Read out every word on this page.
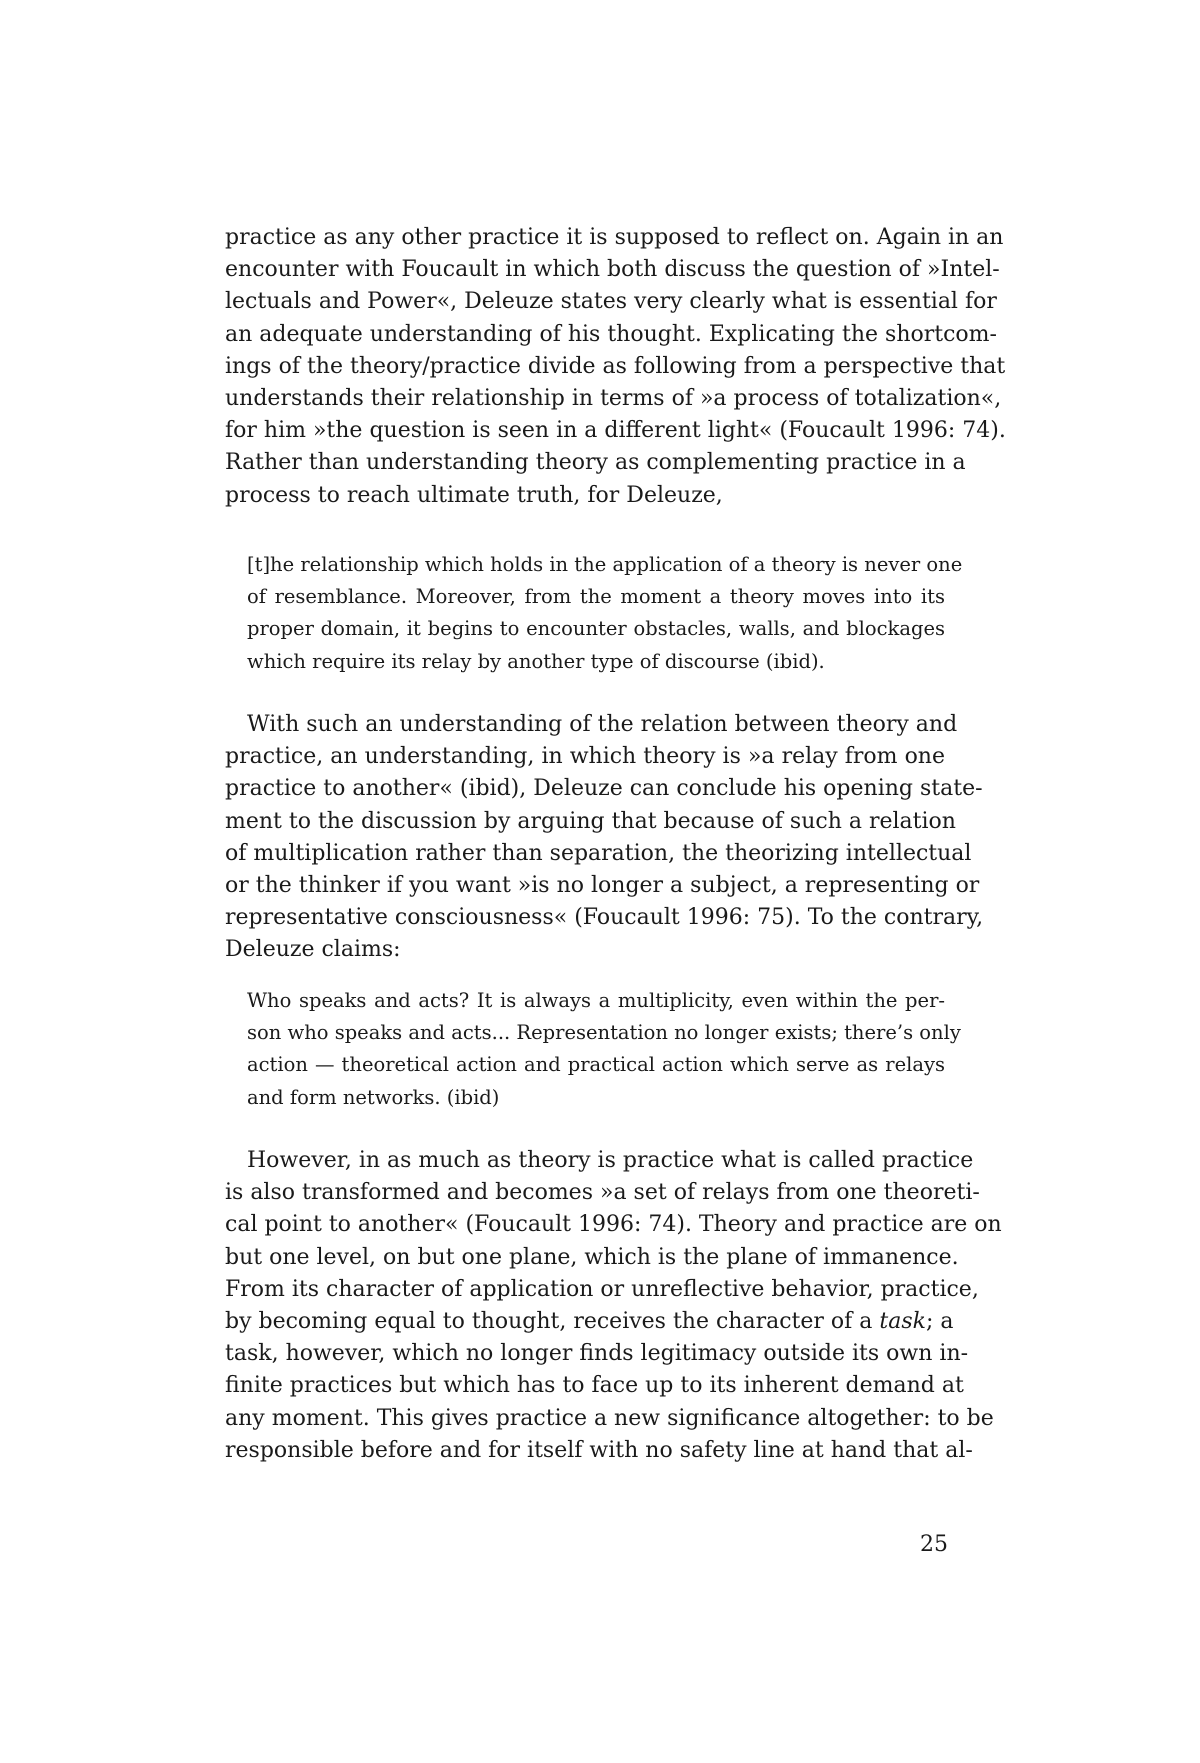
practice as any other practice it is supposed to reflect on. Again in an
encounter with Foucault in which both discuss the question of »Intel-
lectuals and Power«, Deleuze states very clearly what is essential for
an adequate understanding of his thought. Explicating the shortcom-
ings of the theory/practice divide as following from a perspective that
understands their relationship in terms of »a process of totalization«,
for him »the question is seen in a different light« (Foucault 1996: 74).
Rather than understanding theory as complementing practice in a
process to reach ultimate truth, for Deleuze,
[t]he relationship which holds in the application of a theory is never one
of resemblance. Moreover, from the moment a theory moves into its
proper domain, it begins to encounter obstacles, walls, and blockages
which require its relay by another type of discourse (ibid).
With such an understanding of the relation between theory and
practice, an understanding, in which theory is »a relay from one
practice to another« (ibid), Deleuze can conclude his opening state-
ment to the discussion by arguing that because of such a relation
of multiplication rather than separation, the theorizing intellectual
or the thinker if you want »is no longer a subject, a representing or
representative consciousness« (Foucault 1996: 75). To the contrary,
Deleuze claims:
Who speaks and acts? It is always a multiplicity, even within the per-
son who speaks and acts... Representation no longer exists; there’s only
action — theoretical action and practical action which serve as relays
and form networks. (ibid)
However, in as much as theory is practice what is called practice
is also transformed and becomes »a set of relays from one theoreti-
cal point to another« (Foucault 1996: 74). Theory and practice are on
but one level, on but one plane, which is the plane of immanence.
From its character of application or unreflective behavior, practice,
by becoming equal to thought, receives the character of a task; a
task, however, which no longer finds legitimacy outside its own in-
finite practices but which has to face up to its inherent demand at
any moment. This gives practice a new significance altogether: to be
responsible before and for itself with no safety line at hand that al-
25
